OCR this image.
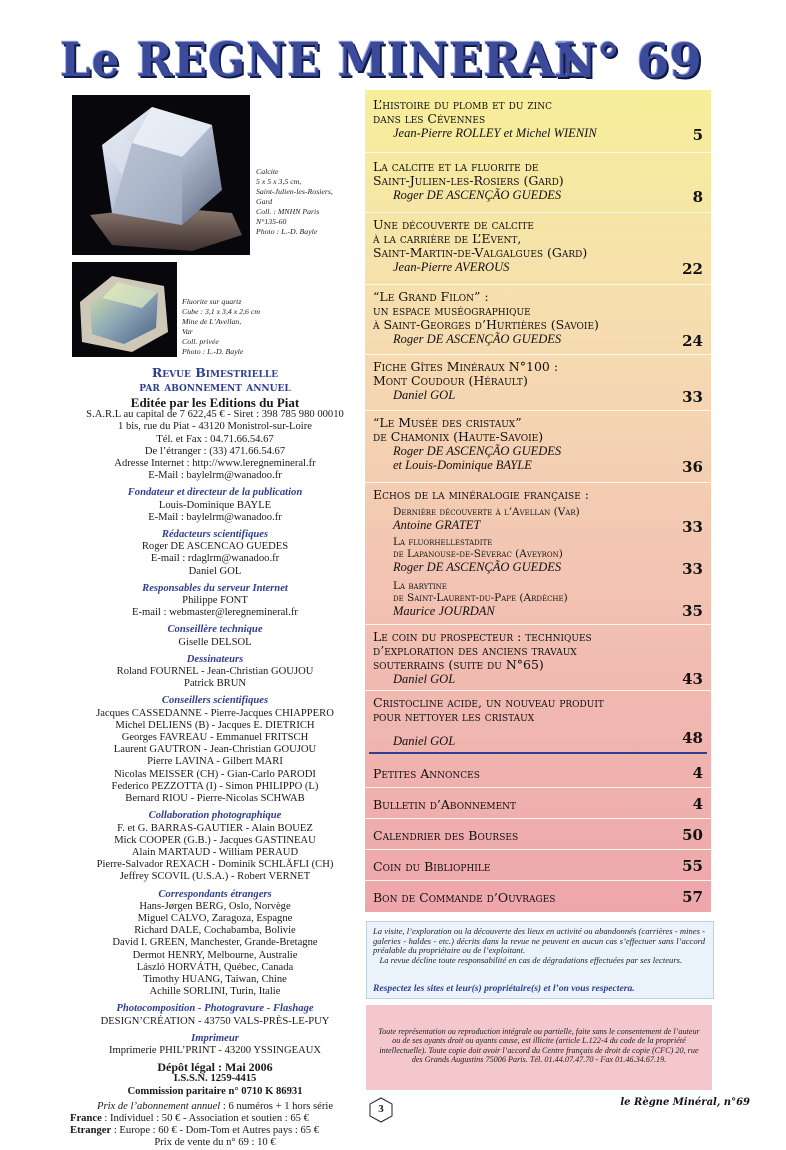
Le REGNE MINERAL
N° 69
Calcite
5 x 5 x 3,5 cm,
Saint-Julien-les-Rosiers,
Gard
Coll. : MNHN Paris
N°135-60
Photo : L.-D. Bayle
Fluorite sur quartz
Cube : 3,1 x 3,4 x 2,6 cm
Mine de L’Avellan,
Var
Coll. privée
Photo : L.-D. Bayle
Revue Bimestrielle
par abonnement annuel
Editée par les Editions du Piat
S.A.R.L au capital de 7 622,45 € - Siret : 398 785 980 00010
1 bis, rue du Piat - 43120 Monistrol-sur-Loire
Tél. et Fax : 04.71.66.54.67
De l’étranger : (33) 471.66.54.67
Adresse Internet : http://www.leregnemineral.fr
E-Mail : baylelrm@wanadoo.fr
Fondateur et directeur de la publication
Louis-Dominique BAYLE
E-Mail : baylelrm@wanadoo.fr
Rédacteurs scientifiques
Roger DE ASCENCAO GUEDES
E-mail : rdaglrm@wanadoo.fr
Daniel GOL
Responsables du serveur Internet
Philippe FONT
E-mail : webmaster@leregnemineral.fr
Conseillère technique
Giselle DELSOL
Dessinateurs
Roland FOURNEL - Jean-Christian GOUJOU
Patrick BRUN
Conseillers scientifiques
Jacques CASSEDANNE - Pierre-Jacques CHIAPPERO
Michel DELIENS (B) - Jacques E. DIETRICH
Georges FAVREAU - Emmanuel FRITSCH
Laurent GAUTRON - Jean-Christian GOUJOU
Pierre LAVINA - Gilbert MARI
Nicolas MEISSER (CH) - Gian-Carlo PARODI
Federico PEZZOTTA (I) - Simon PHILIPPO (L)
Bernard RIOU - Pierre-Nicolas SCHWAB
Collaboration photographique
F. et G. BARRAS-GAUTIER - Alain BOUEZ
Mick COOPER (G.B.) - Jacques GASTINEAU
Alain MARTAUD - William PERAUD
Pierre-Salvador REXACH - Dominik SCHLÄFLI (CH)
Jeffrey SCOVIL (U.S.A.) - Robert VERNET
Correspondants étrangers
Hans-Jørgen BERG, Oslo, Norvège
Miguel CALVO, Zaragoza, Espagne
Richard DALE, Cochabamba, Bolivie
David I. GREEN, Manchester, Grande-Bretagne
Dermot HENRY, Melbourne, Australie
László HORVÁTH, Québec, Canada
Timothy HUANG, Taiwan, Chine
Achille SORLINI, Turin, Italie
Photocomposition - Photogravure - Flashage
DESIGN’CRÉATION - 43750 VALS-PRÈS-LE-PUY
Imprimeur
Imprimerie PHIL’PRINT - 43200 YSSINGEAUX
Dépôt légal : Mai 2006
I.S.S.N. 1259-4415
Commission paritaire n° 0710 K 86931
Prix de l’abonnement annuel : 6 numéros + 1 hors série
France : Individuel : 50 € - Association et soutien : 65 €
Etranger : Europe : 60 € - Dom-Tom et Autres pays : 65 €
Prix de vente du n° 69 : 10 €
L’histoire du plomb et du zinc
dans les Cévennes
Jean-Pierre ROLLEY et Michel WIENIN	5
La calcite et la fluorite de
Saint-Julien-les-Rosiers (Gard)
Roger DE ASCENÇÃO GUEDES	8
Une découverte de calcite
à la carrière de L’Event,
Saint-Martin-de-Valgalgues (Gard)
Jean-Pierre AVEROUS	22
“Le Grand Filon” :
un espace muséographique
à Saint-Georges d’Hurtières (Savoie)
Roger DE ASCENÇÃO GUEDES	24
Fiche Gîtes Minéraux N°100 :
Mont Coudour (Hérault)
Daniel GOL	33
“Le Musée des cristaux”
de Chamonix (Haute-Savoie)
Roger DE ASCENÇÃO GUEDES
et Louis-Dominique BAYLE	36
Echos de la minéralogie française :
Dernière découverte à l’Avellan (Var)
Antoine GRATET	33
La fluorhellestadite
de Lapanouse-de-Séverac (Aveyron)
Roger DE ASCENÇÃO GUEDES	33
La barytine
de Saint-Laurent-du-Pape (Ardèche)
Maurice JOURDAN	35
Le coin du prospecteur : techniques
d’exploration des anciens travaux
souterrains (suite du N°65)
Daniel GOL	43
Cristocline acide, un nouveau produit
pour nettoyer les cristaux
Daniel GOL	48
Petites Annonces	4
Bulletin d’Abonnement	4
Calendrier des Bourses	50
Coin du Bibliophile	55
Bon de Commande d’Ouvrages	57
La visite, l’exploration ou la découverte des lieux en activité ou abandonnés (carrières - mines - galeries - haldes - etc.) décrits dans la revue ne peuvent en aucun cas s’effectuer sans l’accord préalable du propriétaire ou de l’exploitant.
La revue décline toute responsabilité en cas de dégradations effectuées par ses lecteurs.
Respectez les sites et leur(s) propriétaire(s) et l’on vous respectera.
Toute représentation ou reproduction intégrale ou partielle, faite sans le consentement de l’auteur ou de ses ayants droit ou ayants cause, est illicite (article L.122-4 du code de la propriété intellectuelle). Toute copie doit avoir l’accord du Centre français de droit de copie (CFC) 20, rue des Grands Augustins 75006 Paris. Tél. 01.44.07.47.70 - Fax 01.46.34.67.19.
3
le Règne Minéral, n°69
